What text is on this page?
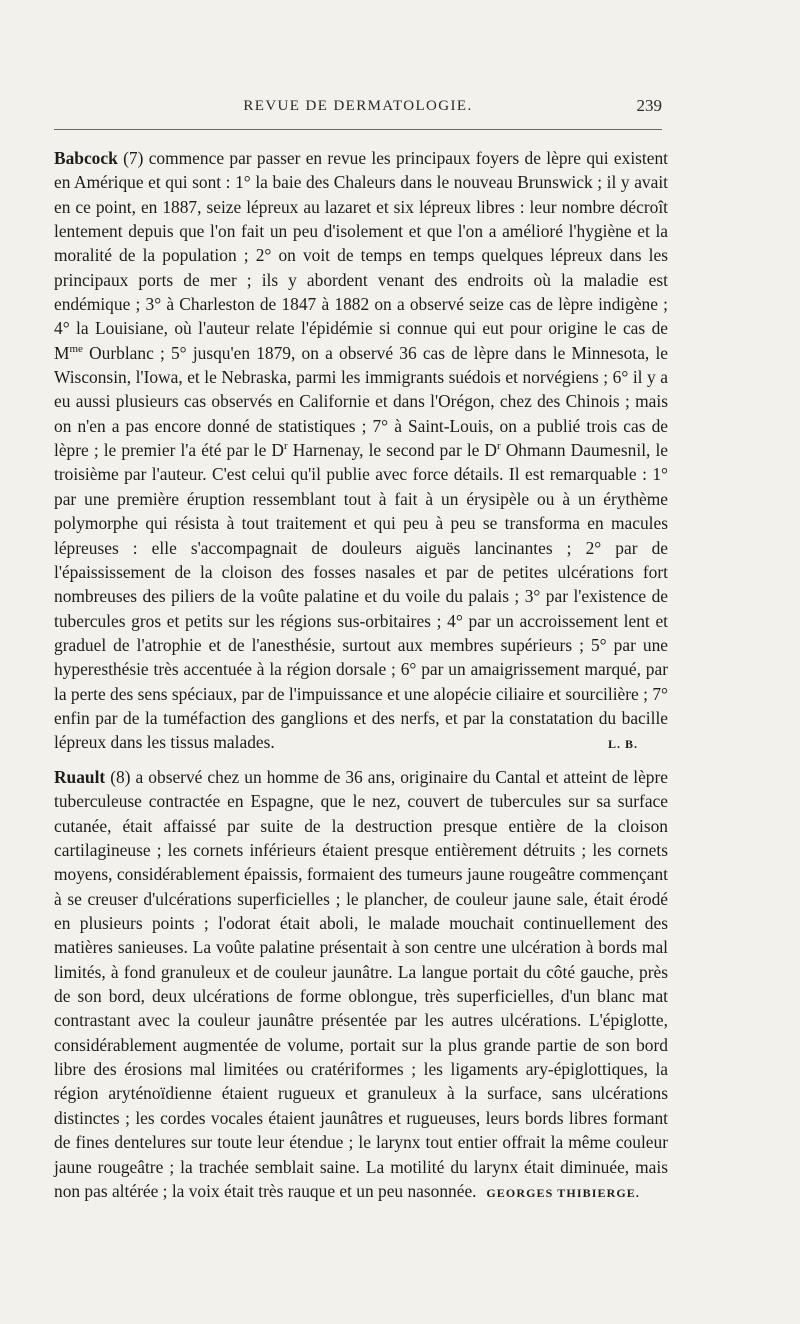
REVUE DE DERMATOLOGIE.	239

Babcock (7) commence par passer en revue les principaux foyers de lèpre qui existent en Amérique et qui sont : 1° la baie des Chaleurs dans le nouveau Brunswick ; il y avait en ce point, en 1887, seize lépreux au lazaret et six lépreux libres : leur nombre décroît lentement depuis que l'on fait un peu d'isolement et que l'on a amélioré l'hygiène et la moralité de la population ; 2° on voit de temps en temps quelques lépreux dans les principaux ports de mer ; ils y abordent venant des endroits où la maladie est endémique ; 3° à Charleston de 1847 à 1882 on a observé seize cas de lèpre indigène ; 4° la Louisiane, où l'auteur relate l'épidémie si connue qui eut pour origine le cas de $M^{me}$ Ourblanc ; 5° jusqu'en 1879, on a observé 36 cas de lèpre dans le Minnesota, le Wisconsin, l'Iowa, et le Nebraska, parmi les immigrants suédois et norvégiens ; 6° il y a eu aussi plusieurs cas observés en Californie et dans l'Orégon, chez des Chinois ; mais on n'en a pas encore donné de statistiques ; 7° à Saint-Louis, on a publié trois cas de lèpre ; le premier l'a été par le $D^r$ Harnenay, le second par le $D^r$ Ohmann Daumesnil, le troisième par l'auteur. C'est celui qu'il publie avec force détails. Il est remarquable : 1° par une première éruption ressemblant tout à fait à un érysipèle ou à un érythème polymorphe qui résista à tout traitement et qui peu à peu se transforma en macules lépreuses : elle s'accompagnait de douleurs aiguës lancinantes ; 2° par de l'épaississement de la cloison des fosses nasales et par de petites ulcérations fort nombreuses des piliers de la voûte palatine et du voile du palais ; 3° par l'existence de tubercules gros et petits sur les régions sus-orbitaires ; 4° par un accroissement lent et graduel de l'atrophie et de l'anesthésie, surtout aux membres supérieurs ; 5° par une hyperesthésie très accentuée à la région dorsale ; 6° par un amaigrissement marqué, par la perte des sens spéciaux, par de l'impuissance et une alopécie ciliaire et sourcilière ; 7° enfin par de la tuméfaction des ganglions et des nerfs, et par la constatation du bacille lépreux dans les tissus malades.	L. B.

Ruault (8) a observé chez un homme de 36 ans, originaire du Cantal et atteint de lèpre tuberculeuse contractée en Espagne, que le nez, couvert de tubercules sur sa surface cutanée, était affaissé par suite de la destruction presque entière de la cloison cartilagineuse ; les cornets inférieurs étaient presque entièrement détruits ; les cornets moyens, considérablement épaissis, formaient des tumeurs jaune rougeâtre commençant à se creuser d'ulcérations superficielles ; le plancher, de couleur jaune sale, était érodé en plusieurs points ; l'odorat était aboli, le malade mouchait continuellement des matières sanieuses. La voûte palatine présentait à son centre une ulcération à bords mal limités, à fond granuleux et de couleur jaunâtre. La langue portait du côté gauche, près de son bord, deux ulcérations de forme oblongue, très superficielles, d'un blanc mat contrastant avec la couleur jaunâtre présentée par les autres ulcérations. L'épiglotte, considérablement augmentée de volume, portait sur la plus grande partie de son bord libre des érosions mal limitées ou cratériformes ; les ligaments ary-épiglottiques, la région aryténoïdienne étaient rugueux et granuleux à la surface, sans ulcérations distinctes ; les cordes vocales étaient jaunâtres et rugueuses, leurs bords libres formant de fines dentelures sur toute leur étendue ; le larynx tout entier offrait la même couleur jaune rougeâtre ; la trachée semblait saine. La motilité du larynx était diminuée, mais non pas altérée ; la voix était très rauque et un peu nasonnée. GEORGES THIBIERGE.
